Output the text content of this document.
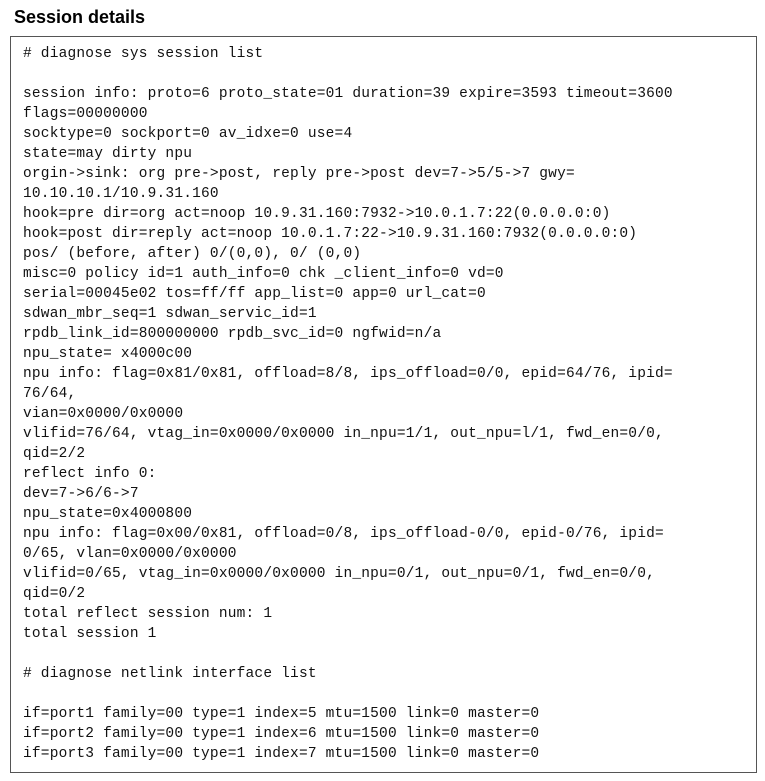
Session details
# diagnose sys session list
session info: proto=6 proto_state=01 duration=39 expire=3593 timeout=3600
flags=00000000
socktype=0 sockport=0 av_idxe=0 use=4
state=may dirty npu
orgin->sink: org pre->post, reply pre->post dev=7->5/5->7 gwy=
10.10.10.1/10.9.31.160
hook=pre dir=org act=noop 10.9.31.160:7932->10.0.1.7:22(0.0.0.0:0)
hook=post dir=reply act=noop 10.0.1.7:22->10.9.31.160:7932(0.0.0.0:0)
pos/ (before, after) 0/(0,0), 0/ (0,0)
misc=0 policy id=1 auth_info=0 chk _client_info=0 vd=0
serial=00045e02 tos=ff/ff app_list=0 app=0 url_cat=0
sdwan_mbr_seq=1 sdwan_servic_id=1
rpdb_link_id=800000000 rpdb_svc_id=0 ngfwid=n/a
npu_state= x4000c00
npu info: flag=0x81/0x81, offload=8/8, ips_offload=0/0, epid=64/76, ipid=
76/64,
vian=0x0000/0x0000
vlifid=76/64, vtag_in=0x0000/0x0000 in_npu=1/1, out_npu=l/1, fwd_en=0/0,
qid=2/2
reflect info 0:
dev=7->6/6->7
npu_state=0x4000800
npu info: flag=0x00/0x81, offload=0/8, ips_offload-0/0, epid-0/76, ipid=
0/65, vlan=0x0000/0x0000
vlifid=0/65, vtag_in=0x0000/0x0000 in_npu=0/1, out_npu=0/1, fwd_en=0/0,
qid=0/2
total reflect session num: 1
total session 1
# diagnose netlink interface list
if=port1 family=00 type=1 index=5 mtu=1500 link=0 master=0
if=port2 family=00 type=1 index=6 mtu=1500 link=0 master=0
if=port3 family=00 type=1 index=7 mtu=1500 link=0 master=0
